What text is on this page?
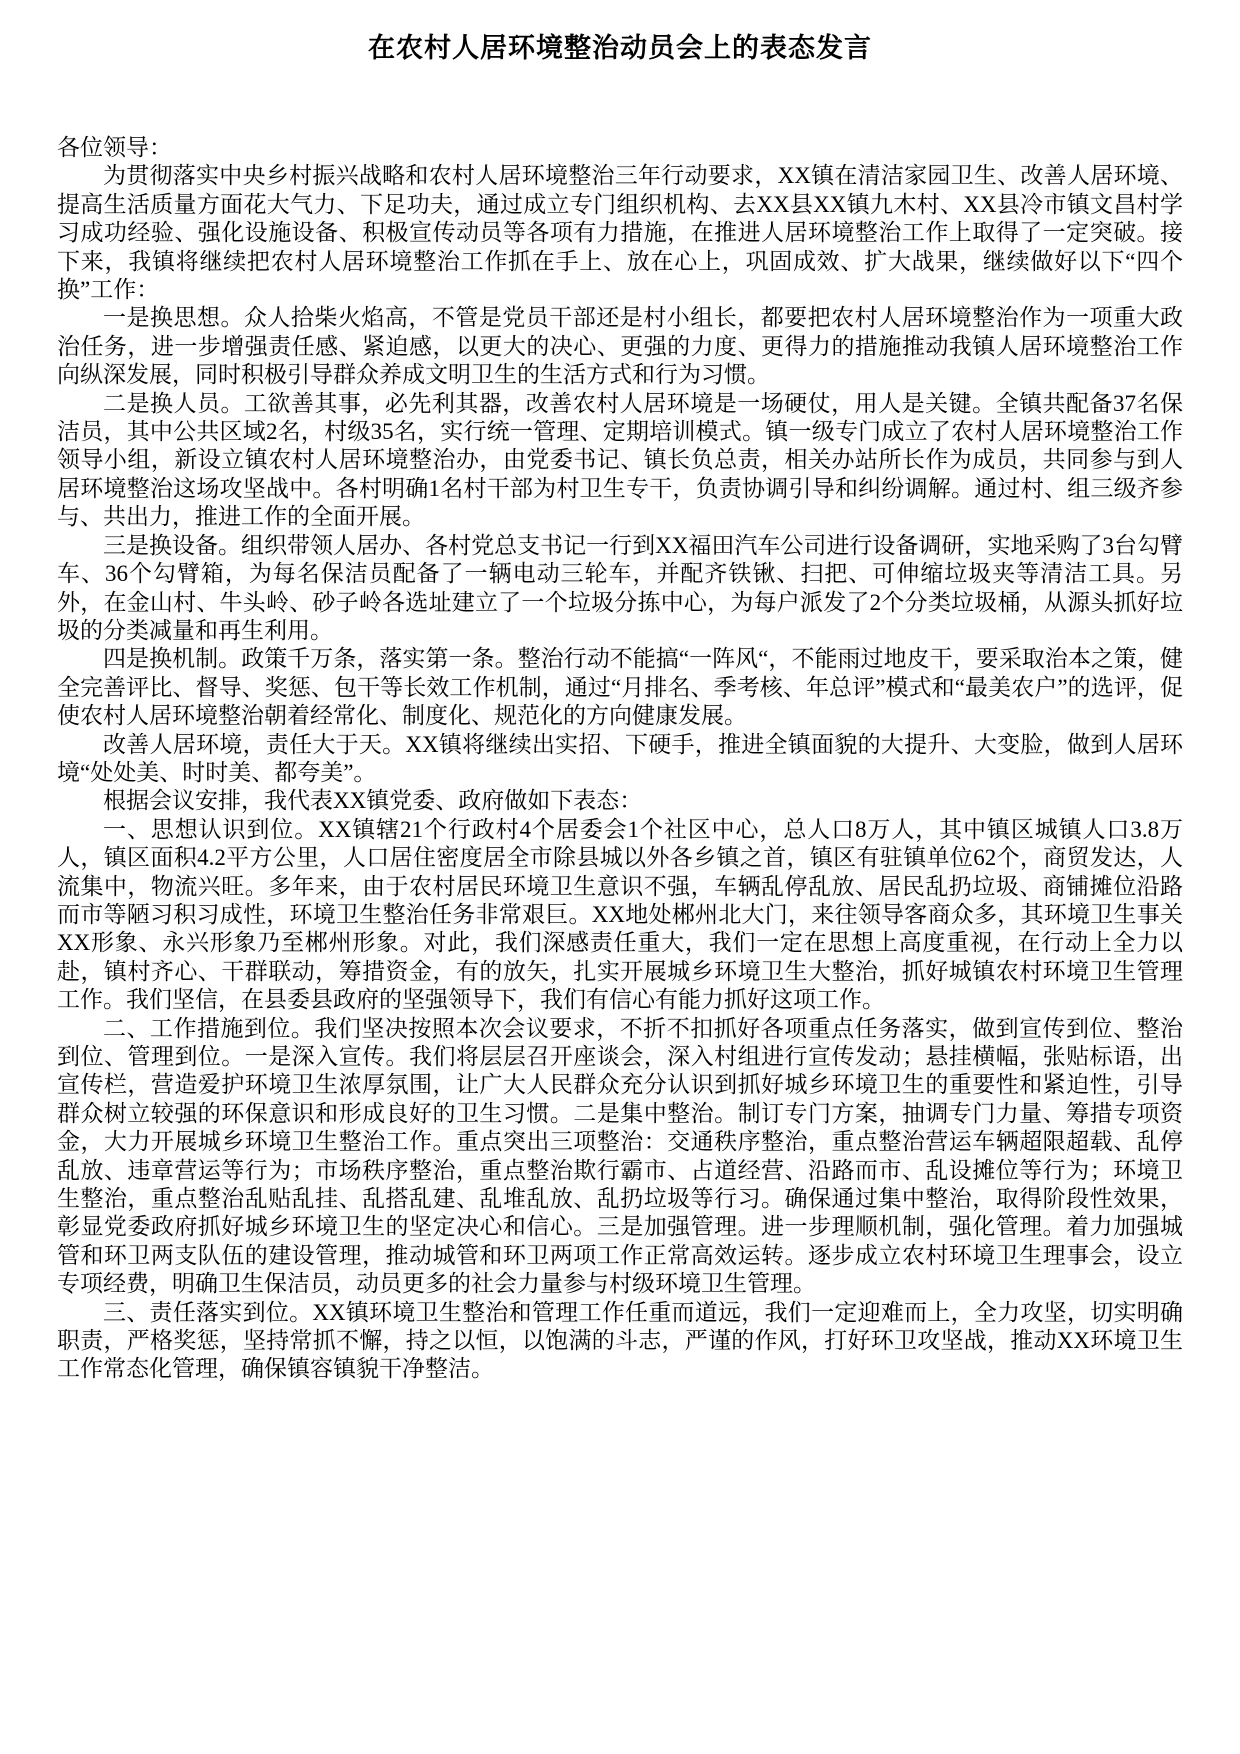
在农村人居环境整治动员会上的表态发言

各位领导：

为贯彻落实中央乡村振兴战略和农村人居环境整治三年行动要求，XX镇在清洁家园卫生、改善人居环境、提高生活质量方面花大气力、下足功夫，通过成立专门组织机构、去XX县XX镇九木村、XX县冷市镇文昌村学习成功经验、强化设施设备、积极宣传动员等各项有力措施，在推进人居环境整治工作上取得了一定突破。接下来，我镇将继续把农村人居环境整治工作抓在手上、放在心上，巩固成效、扩大战果，继续做好以下“四个换”工作：

一是换思想。众人拾柴火焰高，不管是党员干部还是村小组长，都要把农村人居环境整治作为一项重大政治任务，进一步增强责任感、紧迫感，以更大的决心、更强的力度、更得力的措施推动我镇人居环境整治工作向纵深发展，同时积极引导群众养成文明卫生的生活方式和行为习惯。

二是换人员。工欲善其事，必先利其器，改善农村人居环境是一场硬仗，用人是关键。全镇共配备37名保洁员，其中公共区域2名，村级35名，实行统一管理、定期培训模式。镇一级专门成立了农村人居环境整治工作领导小组，新设立镇农村人居环境整治办，由党委书记、镇长负总责，相关办站所长作为成员，共同参与到人居环境整治这场攻坚战中。各村明确1名村干部为村卫生专干，负责协调引导和纠纷调解。通过村、组三级齐参与、共出力，推进工作的全面开展。

三是换设备。组织带领人居办、各村党总支书记一行到XX福田汽车公司进行设备调研，实地采购了3台勾臂车、36个勾臂箱，为每名保洁员配备了一辆电动三轮车，并配齐铁锹、扫把、可伸缩垃圾夹等清洁工具。另外，在金山村、牛头岭、砂子岭各选址建立了一个垃圾分拣中心，为每户派发了2个分类垃圾桶，从源头抓好垃圾的分类减量和再生利用。

四是换机制。政策千万条，落实第一条。整治行动不能搞“一阵风“，不能雨过地皮干，要采取治本之策，健全完善评比、督导、奖惩、包干等长效工作机制，通过“月排名、季考核、年总评”模式和“最美农户”的选评，促使农村人居环境整治朝着经常化、制度化、规范化的方向健康发展。

改善人居环境，责任大于天。XX镇将继续出实招、下硬手，推进全镇面貌的大提升、大变脸，做到人居环境“处处美、时时美、都夸美”。

根据会议安排，我代表XX镇党委、政府做如下表态：

一、思想认识到位。XX镇辖21个行政村4个居委会1个社区中心，总人口8万人，其中镇区城镇人口3.8万人，镇区面积4.2平方公里，人口居住密度居全市除县城以外各乡镇之首，镇区有驻镇单位62个，商贸发达，人流集中，物流兴旺。多年来，由于农村居民环境卫生意识不强，车辆乱停乱放、居民乱扔垃圾、商铺摊位沿路而市等陋习积习成性，环境卫生整治任务非常艰巨。XX地处郴州北大门，来往领导客商众多，其环境卫生事关XX形象、永兴形象乃至郴州形象。对此，我们深感责任重大，我们一定在思想上高度重视，在行动上全力以赴，镇村齐心、干群联动，筹措资金，有的放矢，扎实开展城乡环境卫生大整治，抓好城镇农村环境卫生管理工作。我们坚信，在县委县政府的坚强领导下，我们有信心有能力抓好这项工作。

二、工作措施到位。我们坚决按照本次会议要求，不折不扣抓好各项重点任务落实，做到宣传到位、整治到位、管理到位。一是深入宣传。我们将层层召开座谈会，深入村组进行宣传发动；悬挂横幅，张贴标语，出宣传栏，营造爱护环境卫生浓厚氛围，让广大人民群众充分认识到抓好城乡环境卫生的重要性和紧迫性，引导群众树立较强的环保意识和形成良好的卫生习惯。二是集中整治。制订专门方案，抽调专门力量、筹措专项资金，大力开展城乡环境卫生整治工作。重点突出三项整治：交通秩序整治，重点整治营运车辆超限超载、乱停乱放、违章营运等行为；市场秩序整治，重点整治欺行霸市、占道经营、沿路而市、乱设摊位等行为；环境卫生整治，重点整治乱贴乱挂、乱搭乱建、乱堆乱放、乱扔垃圾等行习。确保通过集中整治，取得阶段性效果，彰显党委政府抓好城乡环境卫生的坚定决心和信心。三是加强管理。进一步理顺机制，强化管理。着力加强城管和环卫两支队伍的建设管理，推动城管和环卫两项工作正常高效运转。逐步成立农村环境卫生理事会，设立专项经费，明确卫生保洁员，动员更多的社会力量参与村级环境卫生管理。

三、责任落实到位。XX镇环境卫生整治和管理工作任重而道远，我们一定迎难而上，全力攻坚，切实明确职责，严格奖惩，坚持常抓不懈，持之以恒，以饱满的斗志，严谨的作风，打好环卫攻坚战，推动XX环境卫生工作常态化管理，确保镇容镇貌干净整洁。
